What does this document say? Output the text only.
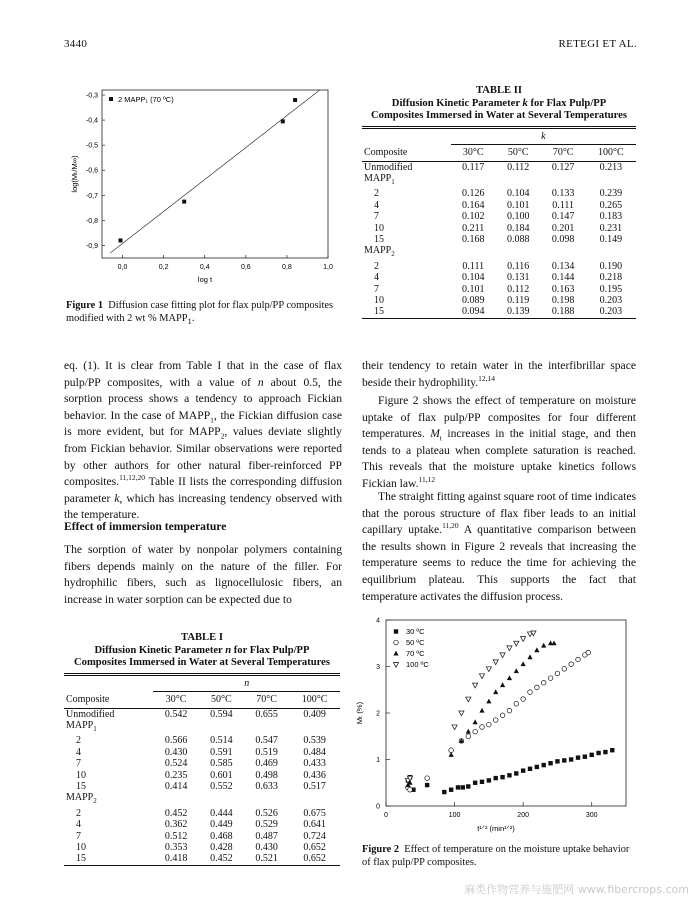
3440	RETEGI ET AL.
0,0	0,2	0,4	0,6	0,8	1,0
-0,3
-0,4
-0,5
-0,6
-0,7
-0,8
-0,9
log t
log(Mₜ/M∞)
2 MAPP₁ (70 ºC)
Figure 1 Diffusion case fitting plot for flax pulp/PP composites modified with 2 wt % $MAPP_1$.
TABLE II
Diffusion Kinetic Parameter k for Flax Pulp/PP
Composites Immersed in Water at Several Temperatures
	k			
Composite	30°C	50°C	70°C	100°C
Unmodified	0.117	0.112	0.127	0.213
$MAPP_1$				
2	0.126	0.104	0.133	0.239
4	0.164	0.101	0.111	0.265
7	0.102	0.100	0.147	0.183
10	0.211	0.184	0.201	0.231
15	0.168	0.088	0.098	0.149
$MAPP_2$				
2	0.111	0.116	0.134	0.190
4	0.104	0.131	0.144	0.218
7	0.101	0.112	0.163	0.195
10	0.089	0.119	0.198	0.203
15	0.094	0.139	0.188	0.203
eq. (1). It is clear from Table I that in the case of flax pulp/PP composites, with a value of n about 0.5, the sorption process shows a tendency to approach Fickian behavior. In the case of $MAPP_1$, the Fickian diffusion case is more evident, but for $MAPP_2$, values deviate slightly from Fickian behavior. Similar observations were reported by other authors for other natural fiber-reinforced PP composites.$^{11,12,20}$ Table II lists the corresponding diffusion parameter k, which has increasing tendency observed with the temperature.
Effect of immersion temperature
The sorption of water by nonpolar polymers containing fibers depends mainly on the nature of the filler. For hydrophilic fibers, such as lignocellulosic fibers, an increase in water sorption can be expected due to
TABLE I
Diffusion Kinetic Parameter n for Flax Pulp/PP
Composites Immersed in Water at Several Temperatures
	n			
Composite	30°C	50°C	70°C	100°C
Unmodified	0.542	0.594	0.655	0.409
$MAPP_1$				
2	0.566	0.514	0.547	0.539
4	0.430	0.591	0.519	0.484
7	0.524	0.585	0.469	0.433
10	0.235	0.601	0.498	0.436
15	0.414	0.552	0.633	0.517
$MAPP_2$				
2	0.452	0.444	0.526	0.675
4	0.362	0.449	0.529	0.641
7	0.512	0.468	0.487	0.724
10	0.353	0.428	0.430	0.652
15	0.418	0.452	0.521	0.652
their tendency to retain water in the interfibrillar space beside their hydrophility.$^{12,14}$
Figure 2 shows the effect of temperature on moisture uptake of flax pulp/PP composites for four different temperatures. $M_t$ increases in the initial stage, and then tends to a plateau when complete saturation is reached. This reveals that the moisture uptake kinetics follows Fickian law.$^{11,12}$
The straight fitting against square root of time indicates that the porous structure of flax fiber leads to an initial capillary uptake.$^{11,20}$ A quantitative comparison between the results shown in Figure 2 reveals that increasing the temperature seems to reduce the time for achieving the equilibrium plateau. This supports the fact that temperature activates the diffusion process.
0	100	200	300
0
1
2
3
4
t¹ᐟ² (min¹ᐟ²)
Mₜ (%)
30 ºC
50 ºC
70 ºC
100 ºC
Figure 2 Effect of temperature on the moisture uptake behavior of flax pulp/PP composites.
麻类作物营养与施肥网 www.fibercrops.com
